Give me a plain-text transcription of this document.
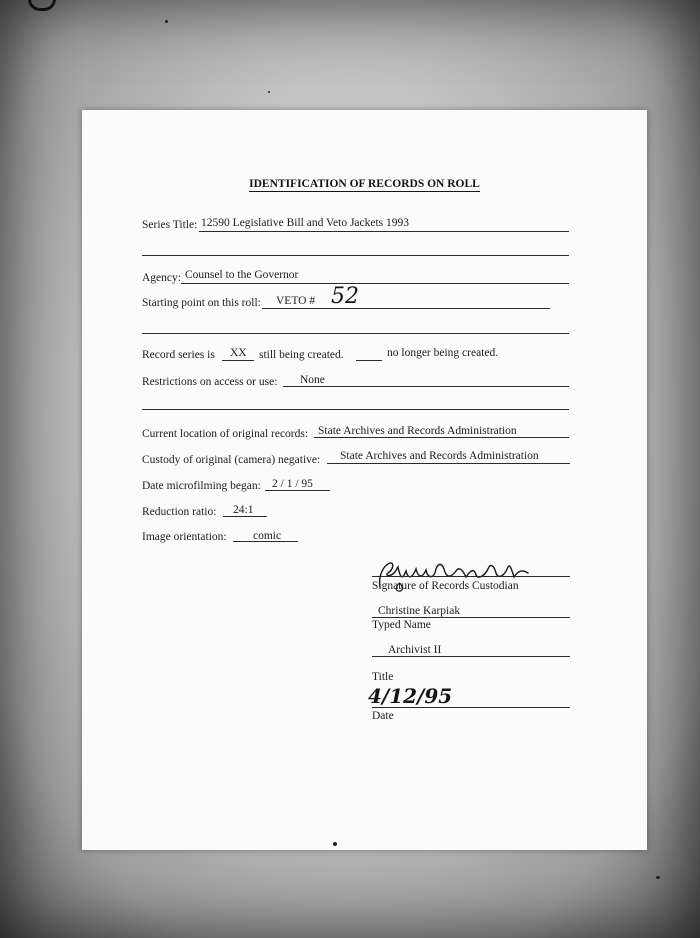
IDENTIFICATION OF RECORDS ON ROLL
Series Title: 12590 Legislative Bill and Veto Jackets 1993
Agency: Counsel to the Governor
Starting point on this roll: VETO # 52
Record series is XX still being created.	no longer being created.
Restrictions on access or use: None
Current location of original records: State Archives and Records Administration
Custody of original (camera) negative: State Archives and Records Administration
Date microfilming began: 2 / 1 / 95
Reduction ratio: 24:1
Image orientation: comic
Signature of Records Custodian
Christine Karpiak
Typed Name
Archivist II
Title
4/12/95
Date
